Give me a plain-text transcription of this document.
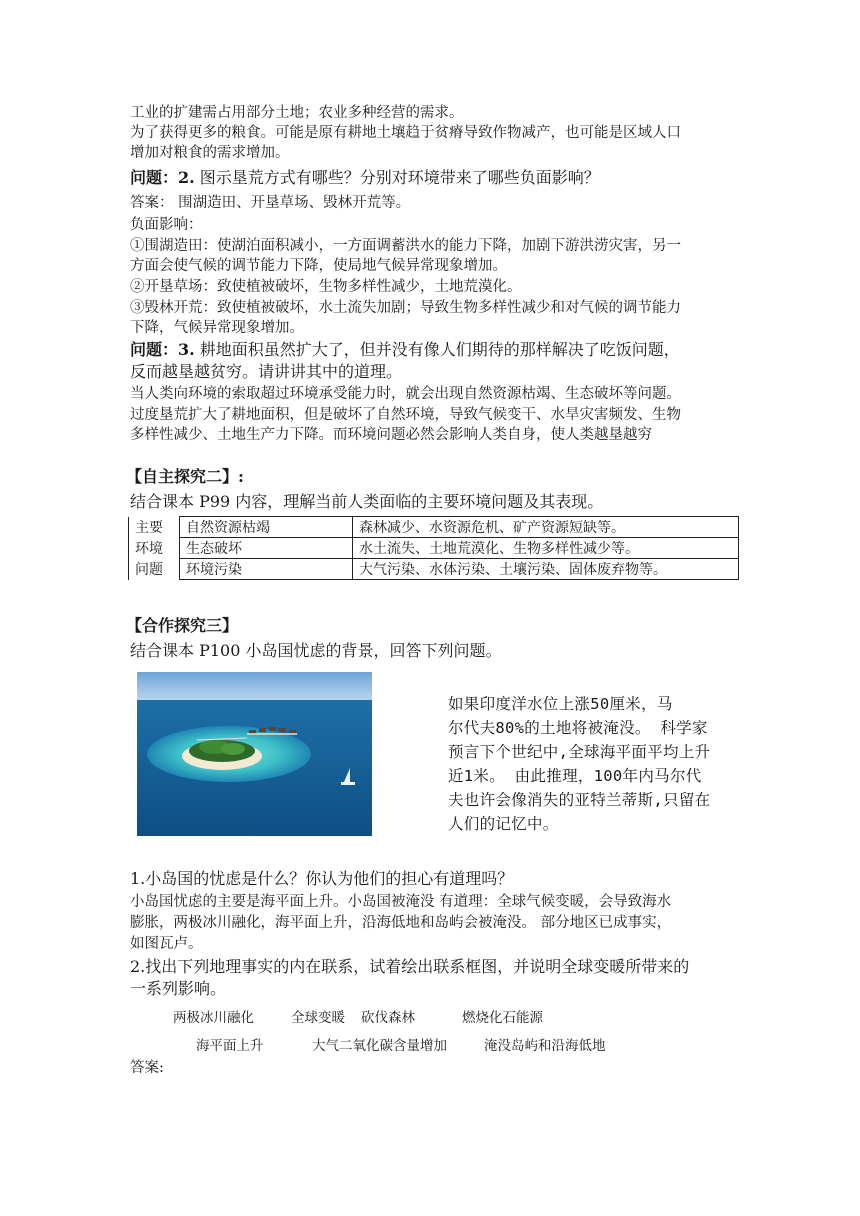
工业的扩建需占用部分土地；农业多种经营的需求。
为了获得更多的粮食。可能是原有耕地土壤趋于贫瘠导致作物减产，也可能是区域人口
增加对粮食的需求增加。
问题：2. 图示垦荒方式有哪些？分别对环境带来了哪些负面影响？
答案： 围湖造田、开垦草场、毁林开荒等。
负面影响：
①围湖造田：使湖泊面积减小，一方面调蓄洪水的能力下降，加剧下游洪涝灾害，另一
方面会使气候的调节能力下降，使局地气候异常现象增加。
②开垦草场：致使植被破坏，生物多样性减少，土地荒漠化。
③毁林开荒：致使植被破坏，水土流失加剧；导致生物多样性减少和对气候的调节能力
下降，气候异常现象增加。
问题：3. 耕地面积虽然扩大了，但并没有像人们期待的那样解决了吃饭问题，
反而越垦越贫穷。请讲讲其中的道理。
当人类向环境的索取超过环境承受能力时，就会出现自然资源枯竭、生态破坏等问题。
过度垦荒扩大了耕地面积，但是破坏了自然环境，导致气候变干、水旱灾害频发、生物
多样性减少、土地生产力下降。而环境问题必然会影响人类自身，使人类越垦越穷
【自主探究二】:
结合课本 P99 内容，理解当前人类面临的主要环境问题及其表现。
主要	自然资源枯竭	森林减少、水资源危机、矿产资源短缺等。
环境	生态破坏	水土流失、土地荒漠化、生物多样性减少等。
问题	环境污染	大气污染、水体污染、土壤污染、固体废弃物等。
【合作探究三】
结合课本 P100 小岛国忧虑的背景，回答下列问题。
如果印度洋水位上涨50厘米，马
尔代夫80%的土地将被淹没。 科学家
预言下个世纪中,全球海平面平均上升
近1米。 由此推理，100年内马尔代
夫也许会像消失的亚特兰蒂斯,只留在
人们的记忆中。
1.小岛国的忧虑是什么？你认为他们的担心有道理吗？
小岛国忧虑的主要是海平面上升。小岛国被淹没 有道理：全球气候变暖，会导致海水
膨胀，两极冰川融化，海平面上升，沿海低地和岛屿会被淹没。 部分地区已成事实，
如图瓦卢。
2.找出下列地理事实的内在联系，试着绘出联系框图，并说明全球变暖所带来的
一系列影响。
两极冰川融化	全球变暖 砍伐森林	燃烧化石能源
海平面上升	大气二氧化碳含量增加	淹没岛屿和沿海低地
答案:
